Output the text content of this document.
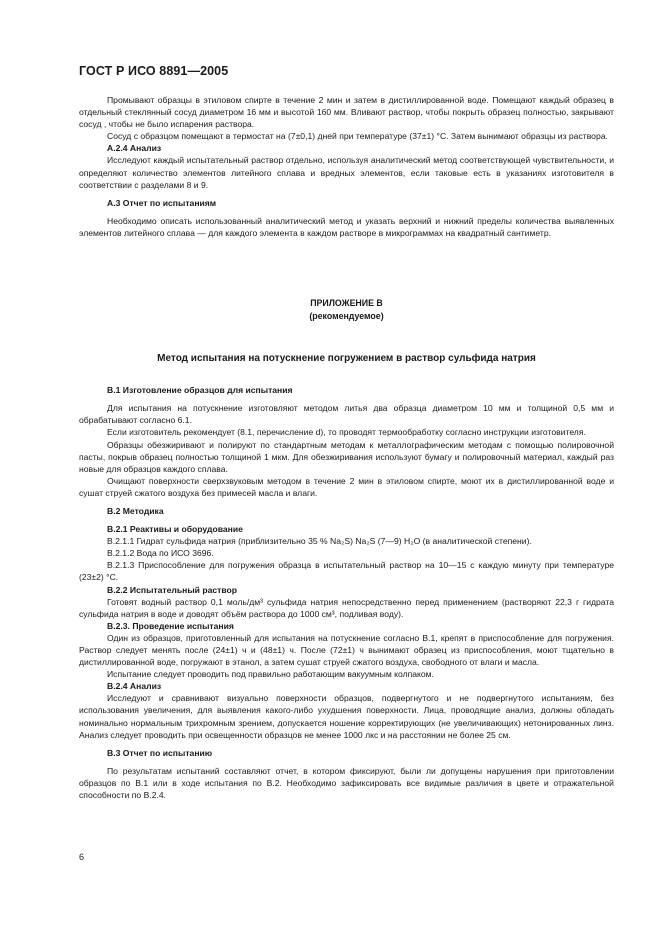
ГОСТ Р ИСО 8891—2005

Промывают образцы в этиловом спирте в течение 2 мин и затем в дистиллированной воде. Помещают каждый образец в отдельный стеклянный сосуд диаметром 16 мм и высотой 160 мм. Вливают раствор, чтобы покрыть образец полностью, закрывают сосуд , чтобы не было испарения раствора.

Сосуд с образцом помещают в термостат на (7±0,1) дней при температуре (37±1) °С. Затем вынимают образцы из раствора.

А.2.4 Анализ

Исследуют каждый испытательный раствор отдельно, используя аналитический метод соответствующей чувствительности, и определяют количество элементов литейного сплава и вредных элементов, если таковые есть в указаниях изготовителя в соответствии с разделами 8 и 9.

А.3 Отчет по испытаниям

Необходимо описать использованный аналитический метод и указать верхний и нижний пределы количества выявленных элементов литейного сплава — для каждого элемента в каждом растворе в микрограммах на квадратный сантиметр.

ПРИЛОЖЕНИЕ В
(рекомендуемое)
Метод испытания на потускнение погружением в раствор сульфида натрия

В.1 Изготовление образцов для испытания

Для испытания на потускнение изготовляют методом литья два образца диаметром 10 мм и толщиной 0,5 мм и обрабатывают согласно 6.1.

Если изготовитель рекомендует (8.1, перечисление d), то проводят термообработку согласно инструкции изготовителя.

Образцы обезжиривают и полируют по стандартным методам к металлографическим методам с помощью полировочной пасты, покрыв образец полностью толщиной 1 мкм. Для обезжиривания используют бумагу и полировочный материал, каждый раз новые для образцов каждого сплава.

Очищают поверхности сверхзвуковым методом в течение 2 мин в этиловом спирте, моют их в дистиллированной воде и сушат струей сжатого воздуха без примесей масла и влаги.

В.2 Методика

В.2.1 Реактивы и оборудование

В.2.1.1 Гидрат сульфида натрия (приблизительно 35 % Na₂S) Na₂S (7—9) H₂O (в аналитической степени).

В.2.1.2 Вода по ИСО 3696.

В.2.1.3 Приспособление для погружения образца в испытательный раствор на 10—15 с каждую минуту при температуре (23±2) °С.

В.2.2 Испытательный раствор

Готовят водный раствор 0,1 моль/дм³ сульфида натрия непосредственно перед применением (растворяют 22,3 г гидрата сульфида натрия в воде и доводят объём раствора до 1000 см³, подливая воду).

В.2.3. Проведение испытания

Один из образцов, приготовленный для испытания на потускнение согласно В.1, крепят в приспособление для погружения. Раствор следует менять после (24±1) ч и (48±1) ч. После (72±1) ч вынимают образец из приспособления, моют тщательно в дистиллированной воде, погружают в этанол, а затем сушат струей сжатого воздуха, свободного от влаги и масла.

Испытание следует проводить под правильно работающим вакуумным колпаком.

В.2.4 Анализ

Исследуют и сравнивают визуально поверхности образцов, подвергнутого и не подвергнутого испытаниям, без использования увеличения, для выявления какого-либо ухудшения поверхности. Лица, проводящие анализ, должны обладать номинально нормальным трихромным зрением, допускается ношение корректирующих (не увеличивающих) нетонированных линз. Анализ следует проводить при освещенности образцов не менее 1000 лкс и на расстоянии не более 25 см.

В.3 Отчет по испытанию

По результатам испытаний составляют отчет, в котором фиксируют, были ли допущены нарушения при приготовлении образцов по В.1 или в ходе испытания по В.2. Необходимо зафиксировать все видимые различия в цвете и отражательной способности по В.2.4.

6
